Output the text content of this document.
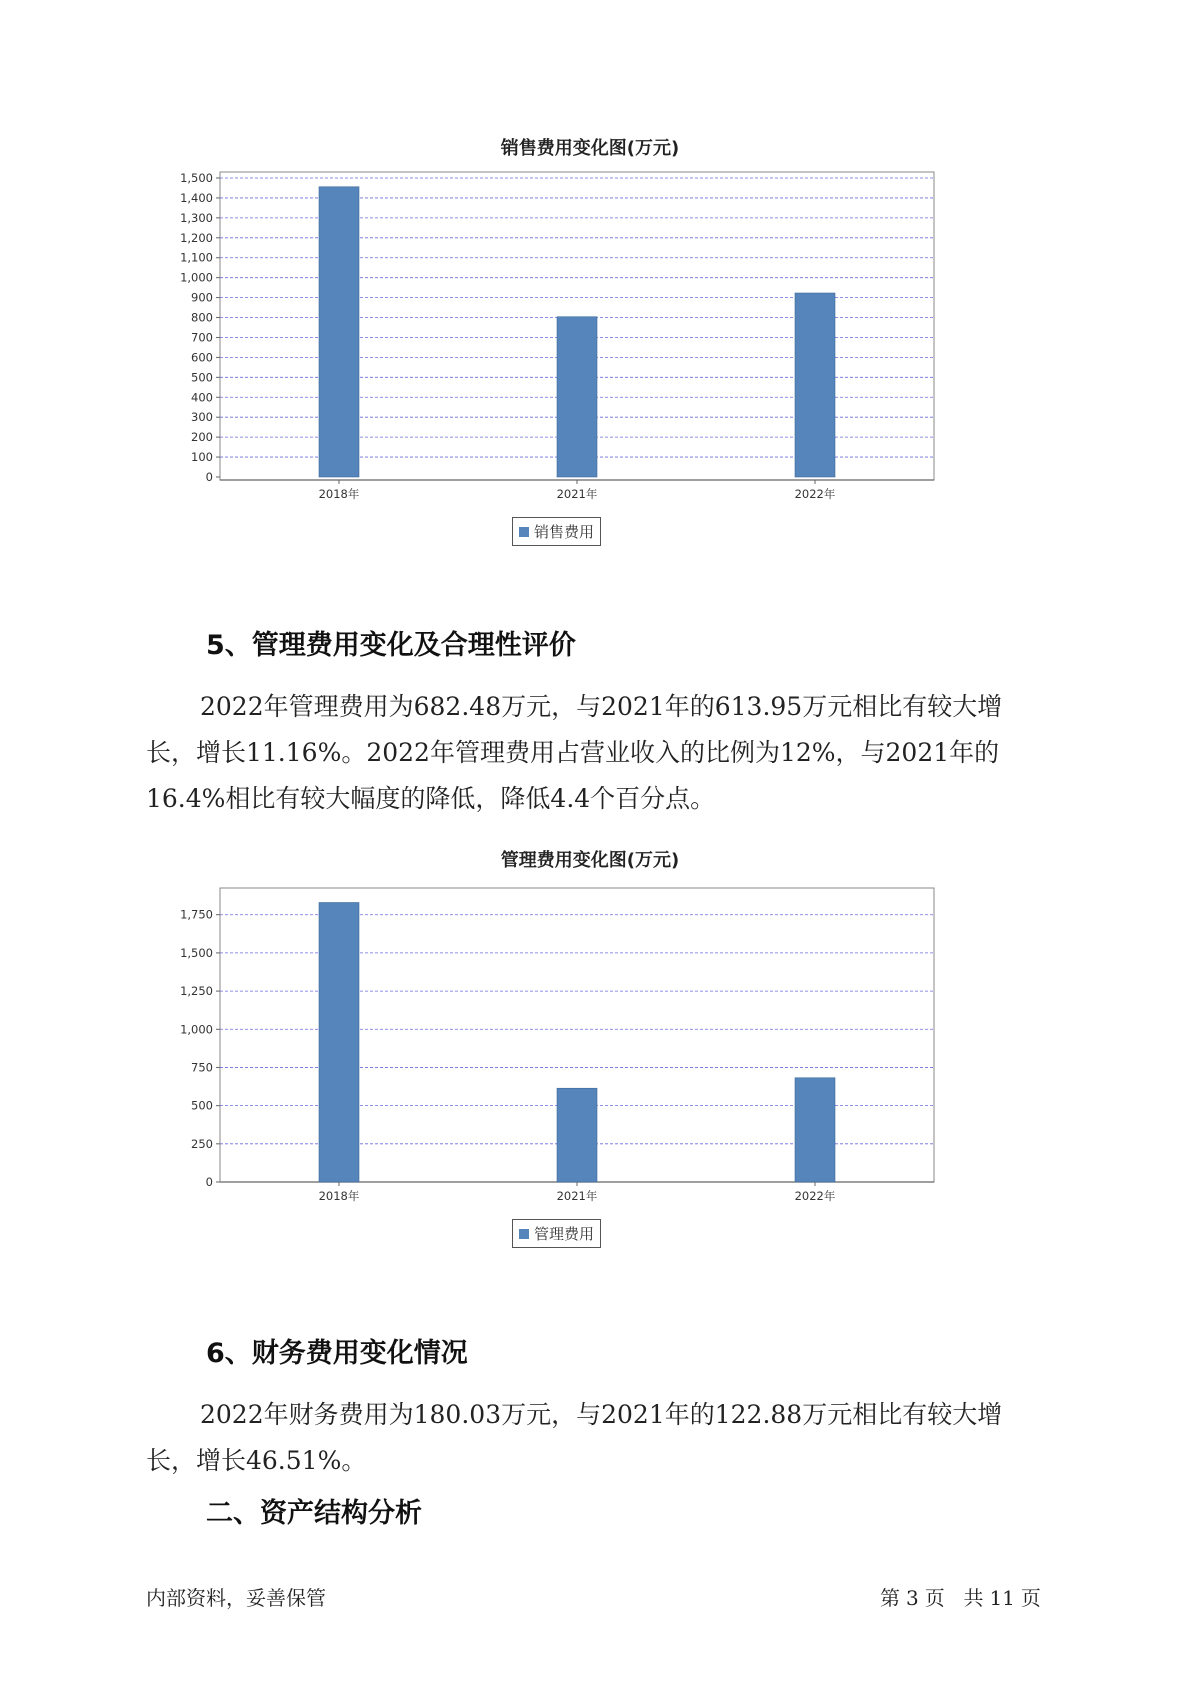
销售费用变化图(万元)
0
100
200
300
400
500
600
700
800
900
1,000
1,100
1,200
1,300
1,400
1,500
2018年	2021年	2022年
销售费用
5、管理费用变化及合理性评价
2022年管理费用为682.48万元，与2021年的613.95万元相比有较大增
长，增长11.16%。2022年管理费用占营业收入的比例为12%，与2021年的
16.4%相比有较大幅度的降低，降低4.4个百分点。
管理费用变化图(万元)
0
250
500
750
1,000
1,250
1,500
1,750
2018年	2021年	2022年
管理费用
6、财务费用变化情况
2022年财务费用为180.03万元，与2021年的122.88万元相比有较大增
长，增长46.51%。
二、资产结构分析
内部资料，妥善保管	第 3 页 共 11 页
